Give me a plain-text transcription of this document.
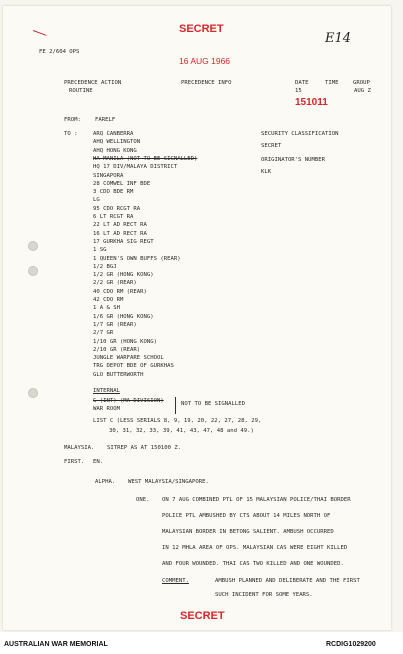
SECRET
E14
FE 2/604 OPS
16 AUG 1966
PRECEDENCE ACTION
ROUTINE
PRECEDENCE INFO	DATE	TIME	GROUP
15	AUG Z
151011
FROM:	FARELF
TO :	ARQ CANBERRA
AHQ WELLINGTON
AHQ HONG KONG
HQ 17 DIV/MALAYA DISTRICT
SINGAPORA
28 COMWEL INF BDE
3 CDO BDE RM
LG
95 CDO RCGT RA
6 LT RCGT RA
22 LT AD RECT RA
16 LT AD RECT RA
17 GURKHA SIG REGT
1 SG
1 QUEEN'S OWN BUFFS (REAR)
1/2 BGJ
1/2 GR (HONG KONG)
2/2 GR (REAR)
40 CDO RM (REAR)
42 CDO RM
1 A & SH
1/6 GR (HONG KONG)
1/7 GR (REAR)
2/7 GR
1/10 GR (HONG KONG)
2/10 GR (REAR)
JUNGLE WARFARE SCHOOL
TRG DEPOT BDE OF GURKHAS
GLO BUTTERWORTH
HA MANILA (NOT TO BE SIGNALLED)
SECURITY CLASSIFICATION
SECRET
ORIGINATOR'S NUMBER
KLK
INTERNAL
G (INT) (MA DIVISION)
WAR ROOM
NOT TO BE SIGNALLED
LIST C (LESS SERIALS 8, 9, 19, 20, 22, 27, 28, 29,
30, 31, 32, 33, 39, 41, 43, 47, 48 and 49.)
MALAYSIA. SITREP AS AT 150100 Z.
FIRST. EN.
ALPHA. WEST MALAYSIA/SINGAPORE.
ONE. ON 7 AUG COMBINED PTL OF 15 MALAYSIAN POLICE/THAI BORDER
POLICE PTL AMBUSHED BY CTS ABOUT 14 MILES NORTH OF
MALAYSIAN BORDER IN BETONG SALIENT. AMBUSH OCCURRED
IN 12 MHLA AREA OF OPS. MALAYSIAN CAS WERE EIGHT KILLED
AND FOUR WOUNDED. THAI CAS TWO KILLED AND ONE WOUNDED.
COMMENT.	AMBUSH PLANNED AND DELIBERATE AND THE FIRST
SUCH INCIDENT FOR SOME YEARS.
SECRET
AUSTRALIAN WAR MEMORIAL	RCDIG1029200
